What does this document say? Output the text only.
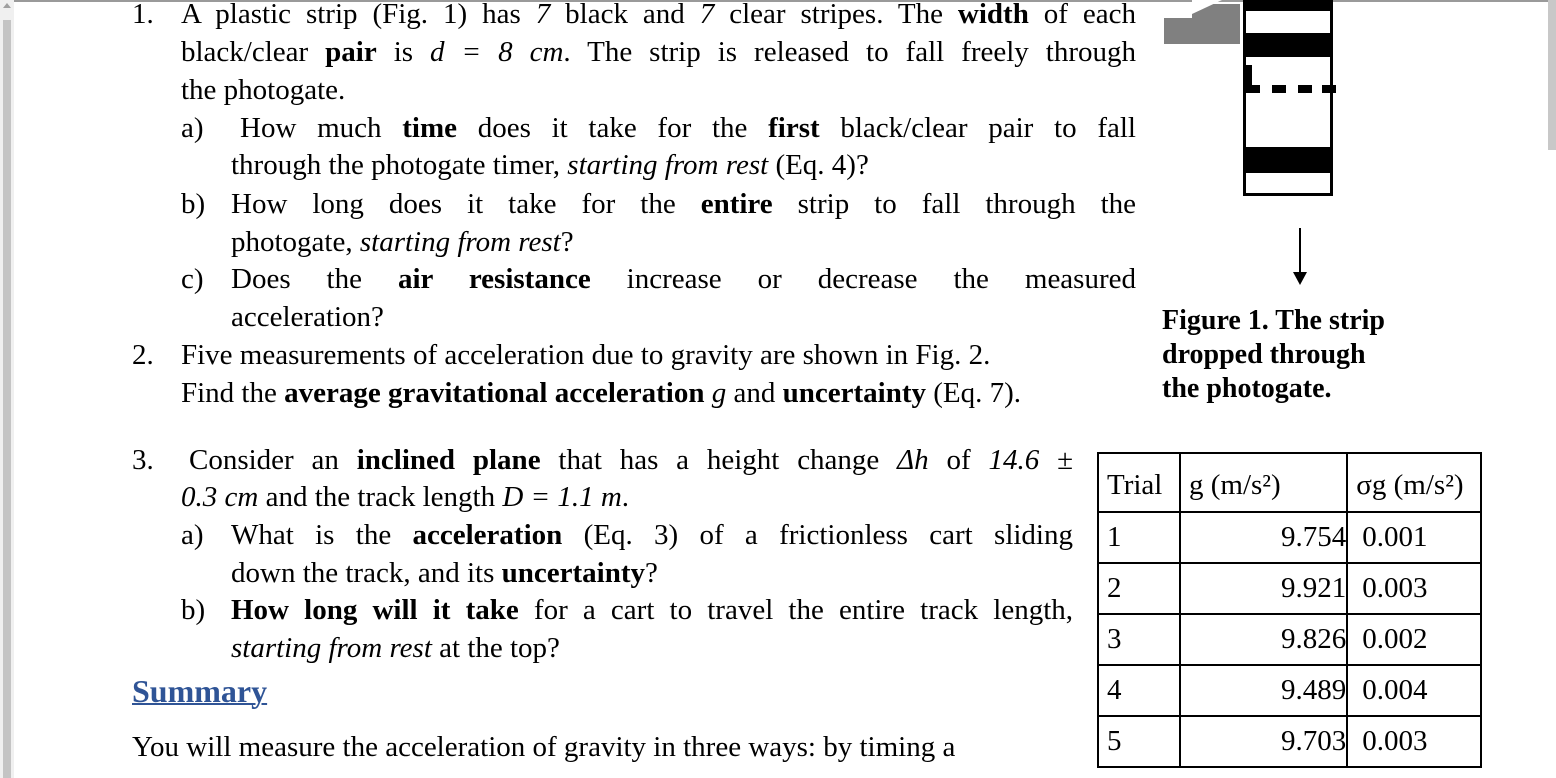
1. A plastic strip (Fig. 1) has 7 black and 7 clear stripes. The width of each
black/clear pair is d = 8 cm. The strip is released to fall freely through
the photogate.
a) How much time does it take for the first black/clear pair to fall
through the photogate timer, starting from rest (Eq. 4)?
b) How long does it take for the entire strip to fall through the
photogate, starting from rest?
c) Does the air resistance increase or decrease the measured
acceleration?
2. Five measurements of acceleration due to gravity are shown in Fig. 2.
Find the average gravitational acceleration g and uncertainty (Eq. 7).
3. Consider an inclined plane that has a height change Δh of 14.6 ±
0.3 cm and the track length D = 1.1 m.
a) What is the acceleration (Eq. 3) of a frictionless cart sliding
down the track, and its uncertainty?
b) How long will it take for a cart to travel the entire track length,
starting from rest at the top?
Summary
You will measure the acceleration of gravity in three ways: by timing a
Figure 1. The strip
dropped through
the photogate.
Trial	g (m/s²)	σg (m/s²)
1	9.754	0.001
2	9.921	0.003
3	9.826	0.002
4	9.489	0.004
5	9.703	0.003
